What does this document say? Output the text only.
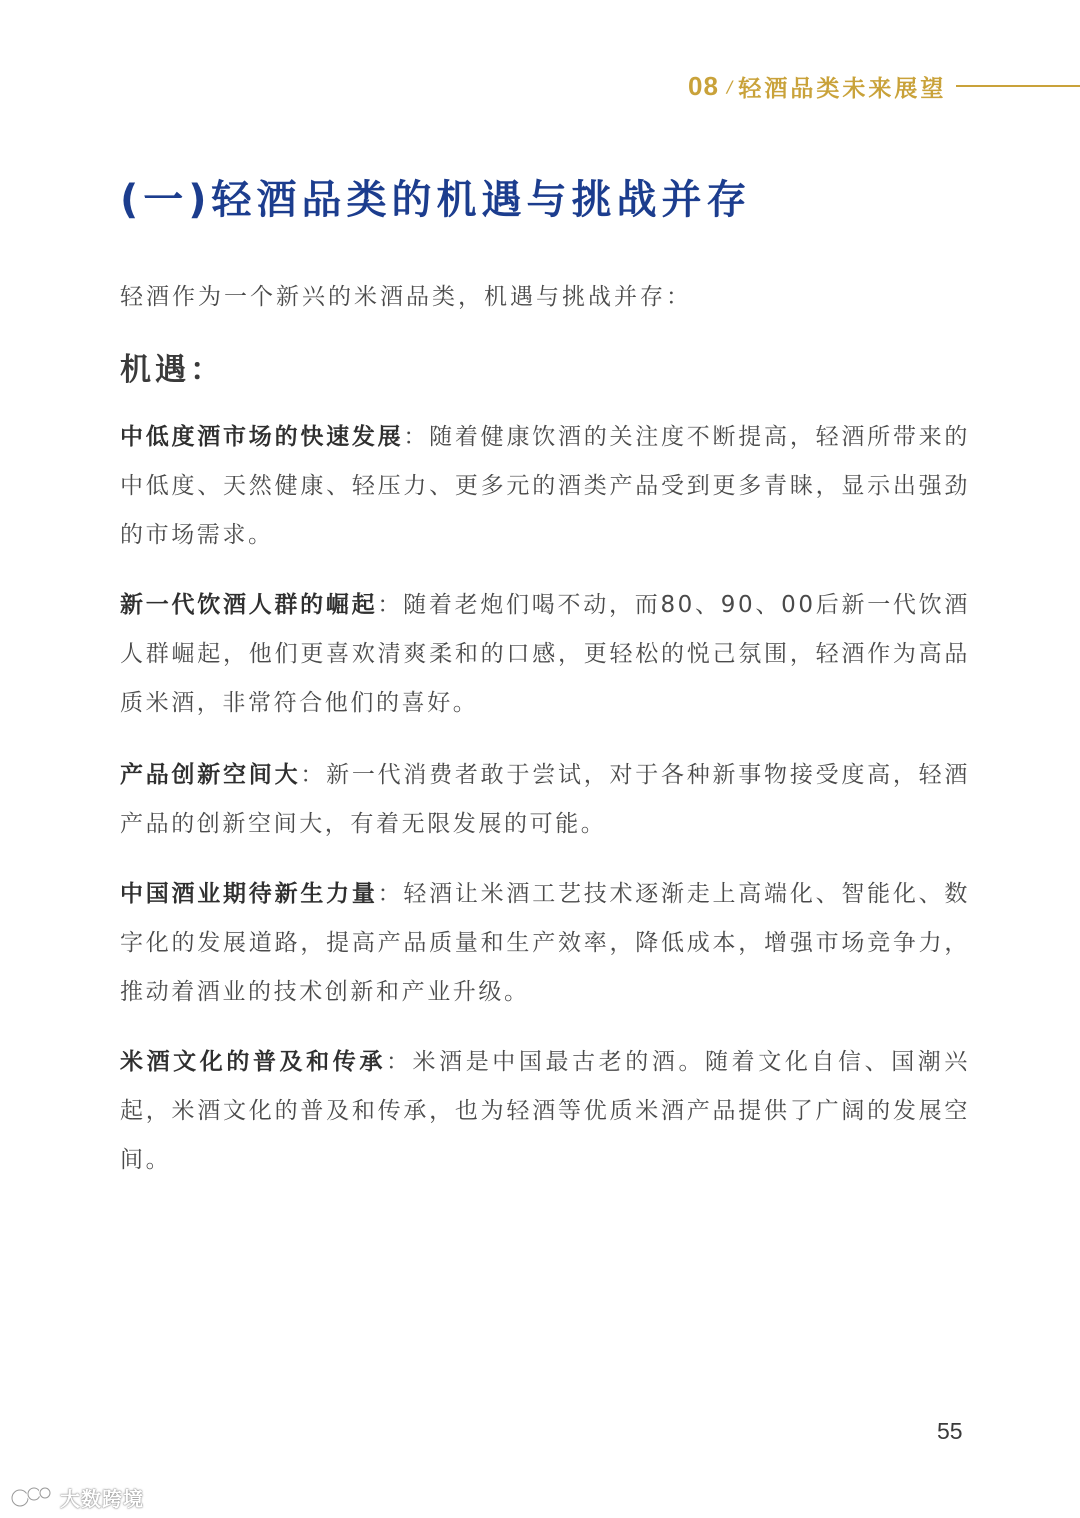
08 / 轻酒品类未来展望
(一)轻酒品类的机遇与挑战并存
轻酒作为一个新兴的米酒品类，机遇与挑战并存：
机遇：
中低度酒市场的快速发展：随着健康饮酒的关注度不断提高，轻酒所带来的中低度、天然健康、轻压力、更多元的酒类产品受到更多青睐，显示出强劲的市场需求。
新一代饮酒人群的崛起：随着老炮们喝不动，而80、90、00后新一代饮酒人群崛起，他们更喜欢清爽柔和的口感，更轻松的悦己氛围，轻酒作为高品质米酒，非常符合他们的喜好。
产品创新空间大：新一代消费者敢于尝试，对于各种新事物接受度高，轻酒产品的创新空间大，有着无限发展的可能。
中国酒业期待新生力量：轻酒让米酒工艺技术逐渐走上高端化、智能化、数字化的发展道路，提高产品质量和生产效率，降低成本，增强市场竞争力，推动着酒业的技术创新和产业升级。
米酒文化的普及和传承：米酒是中国最古老的酒。随着文化自信、国潮兴起，米酒文化的普及和传承，也为轻酒等优质米酒产品提供了广阔的发展空间。
55
大数跨境
